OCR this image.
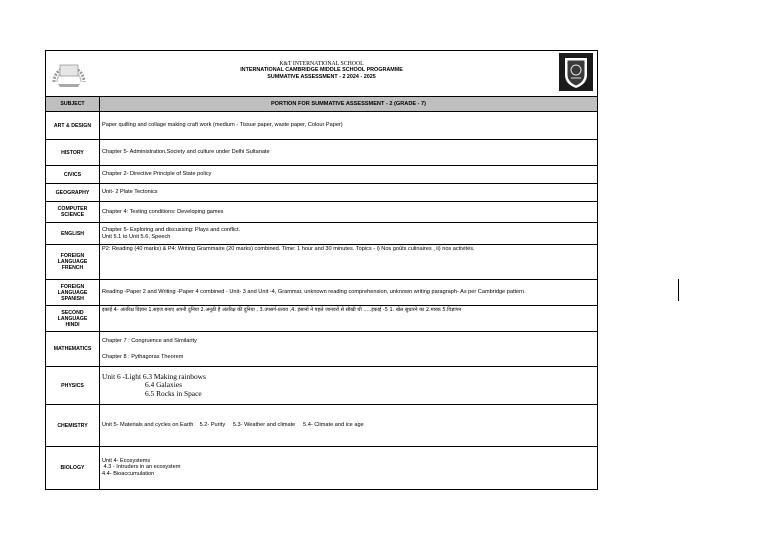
K&T INTERNATIONAL SCHOOL
INTERNATIONAL CAMBRIDGE MIDDLE SCHOOL PROGRAMME
SUMMATIVE ASSESSMENT - 2 2024 - 2025
SUBJECT	PORTION FOR SUMMATIVE ASSESSMENT - 2 (GRADE - 7)
ART & DESIGN	Paper quilling and collage making craft work (medium - Tissue paper, waste paper, Colour Paper)
HISTORY	Chapter 5- Administration,Society and culture under Delhi Sultanate
CIVICS	Chapter 2- Directive Principle of State policy
GEOGRAPHY	Unit- 2 Plate Tectonics

COMPUTER
SCIENCE	Chapter 4: Testing conditions: Developing games
ENGLISH	Chapter 5- Exploring and discussing: Plays and conflict.
Unit 5.1 to Unit 5.6, Speech

FOREIGN
LANGUAGE
FRENCH	P2: Reading (40 marks) & P4: Writing Grammaire (20 marks) combined. Time: 1 hour and 30 minutes. Topics - i) Nos goûts culinaires , ii) nos activités.

FOREIGN
LANGUAGE
SPANISH	Reading -Paper 2 and Writing -Paper 4 combined - Unit- 3 and Unit -4, Grammar, unknown reading comprehension, unknown writing paragraph- As per Cambridge pattern.

SECOND
LANGUAGE
HINDI	इकाई 4- अंतरिक्ष विज्ञान 1.सहज बनाए अपनी दुनिया 2.अनूठी है अंतरिक्ष की दुनिया , 3.उपसर्ग-प्रत्यय ,4. इंसानों ने पहले जानवरों से सीखी थी .....इकाई -5 1. खेल सुधारने का 2.मारक 5.विज्ञापन
MATHEMATICS	Chapter 7 : Congruence and Similarity
Chapter 8 : Pythagoras Theorem

PHYSICS	Unit 6 -Light 6.3 Making rainbows
6.4 Galaxies
6.5 Rocks in Space

CHEMISTRY	Unit 5- Materials and cycles on Earth    5.2- Purity     5.3- Weather and climate     5.4- Climate and ice age
BIOLOGY	Unit 4- Ecosystems
4.3 - Intruders in an ecosystem
4.4- Bioaccumulation
